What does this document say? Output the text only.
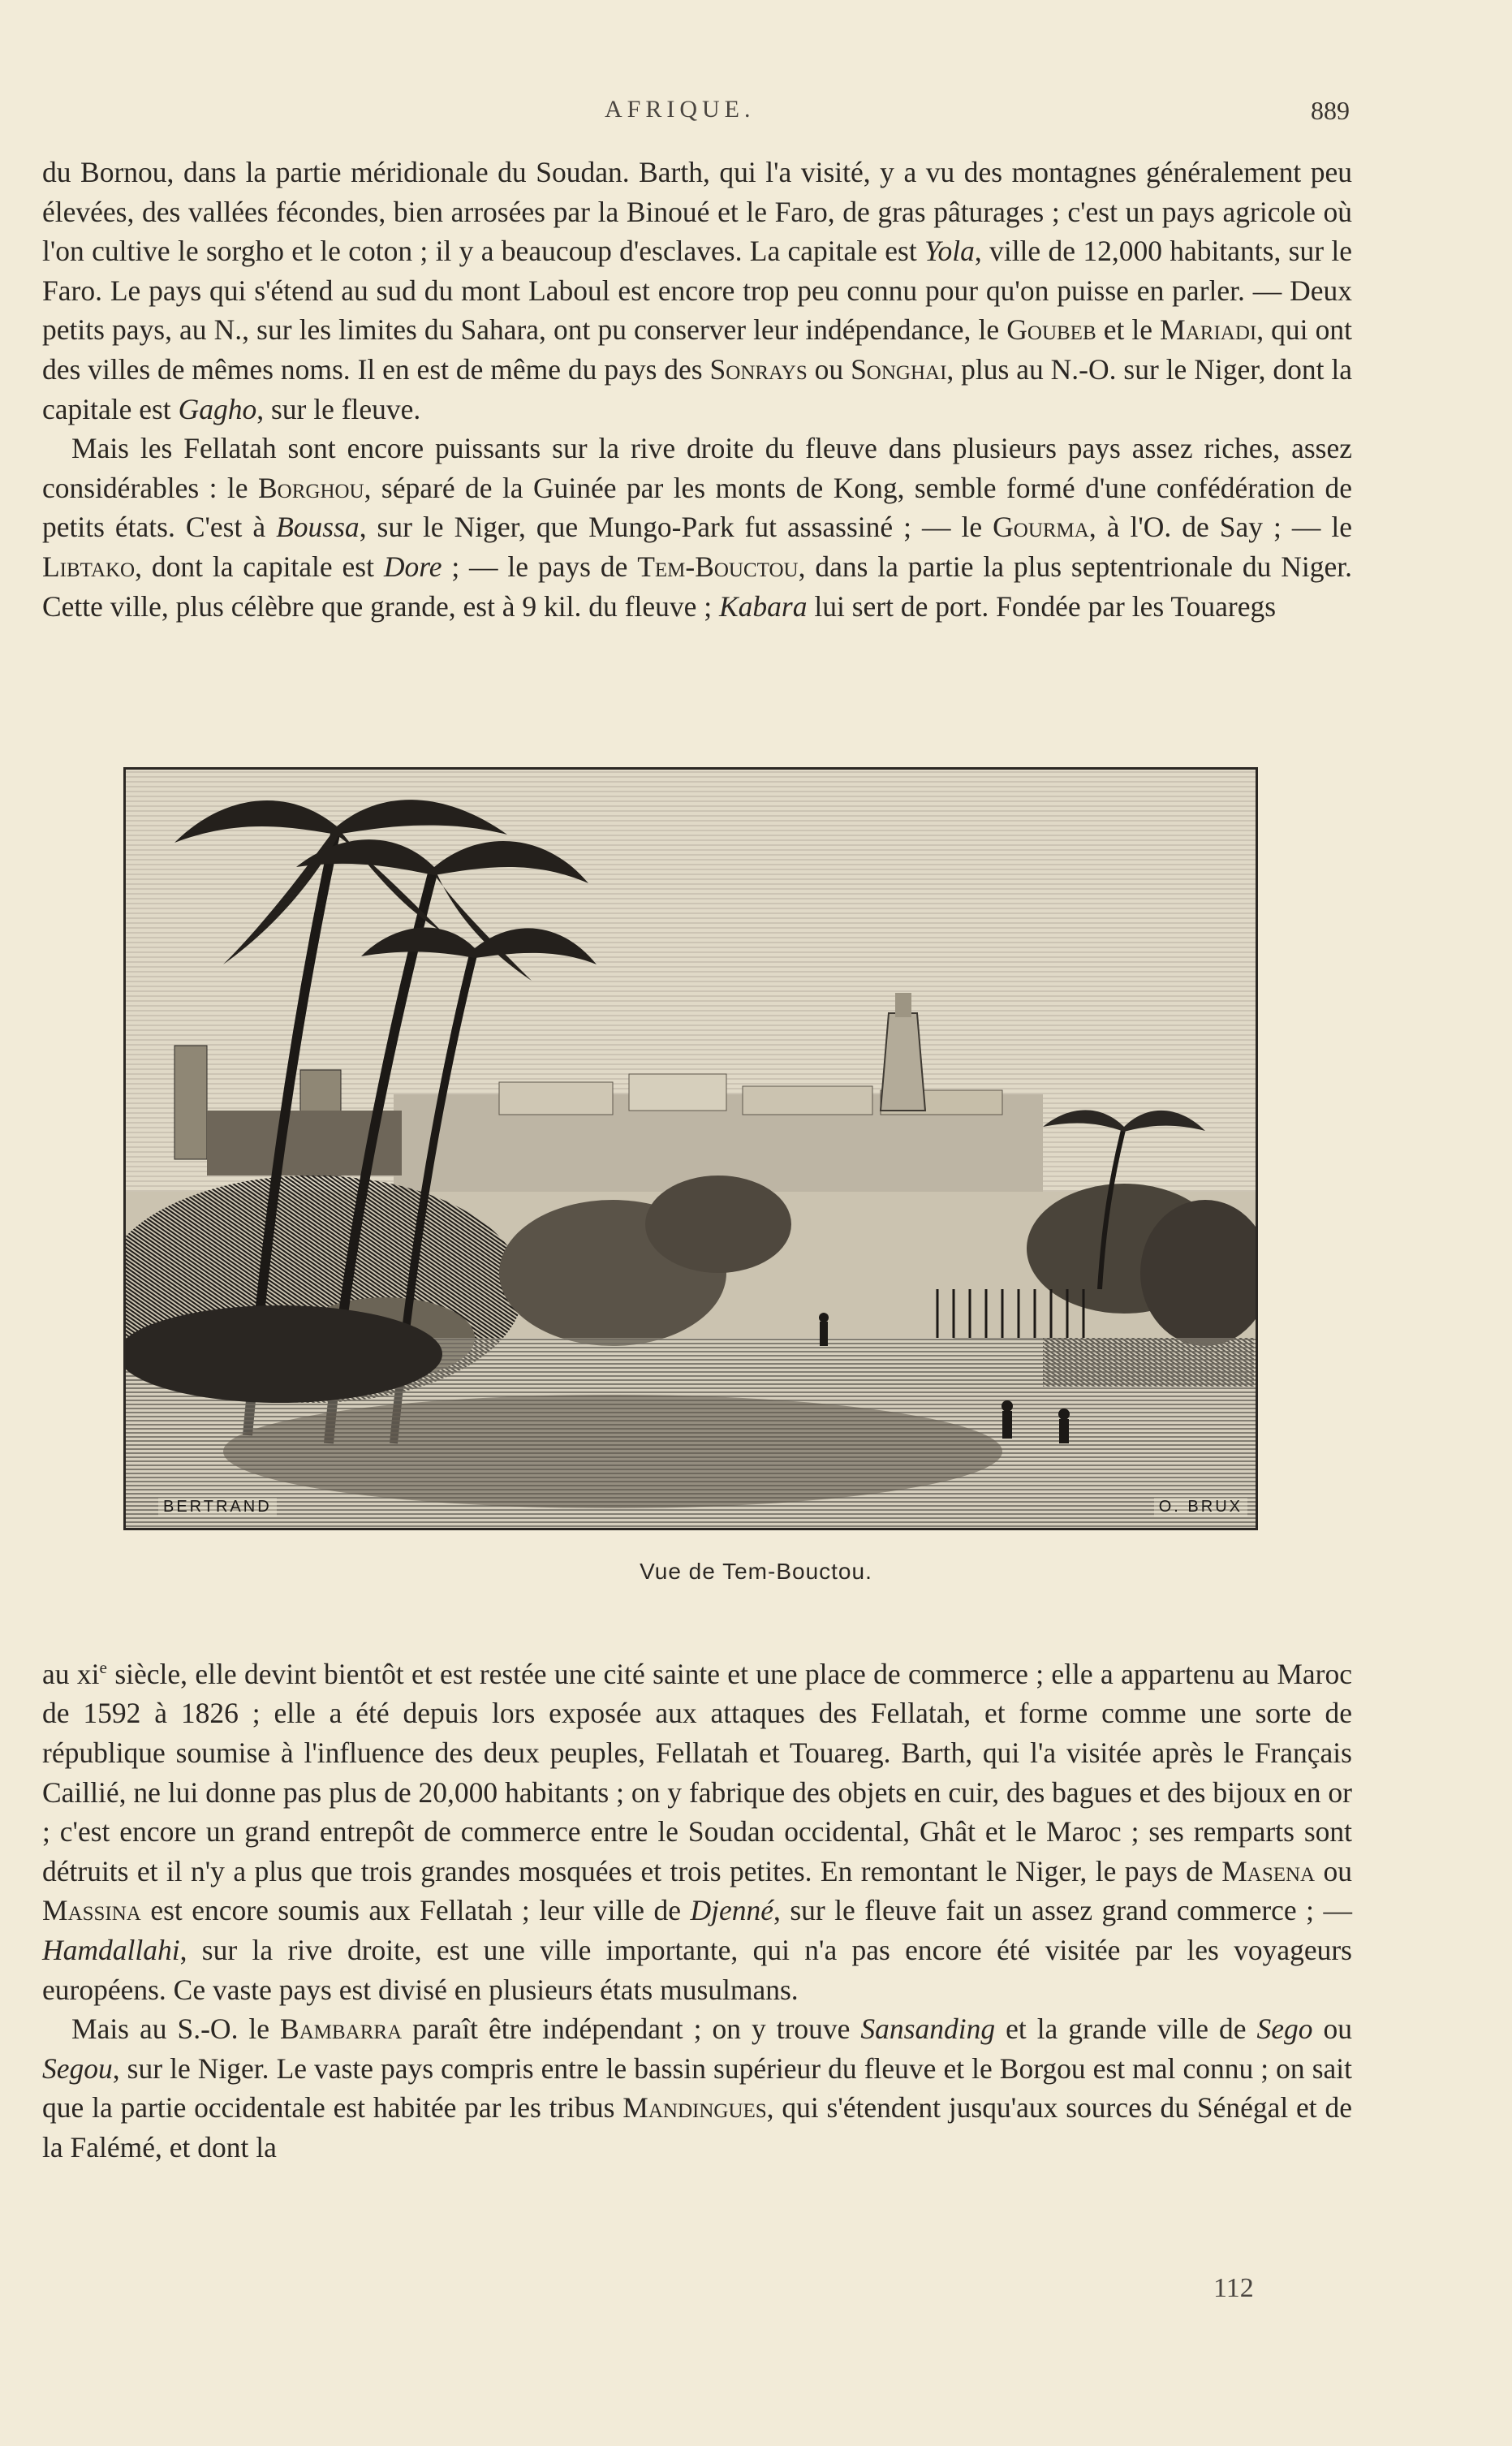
AFRIQUE.	889

du Bornou, dans la partie méridionale du Soudan. Barth, qui l'a visité, y a vu des montagnes généralement peu élevées, des vallées fécondes, bien arrosées par la Binoué et le Faro, de gras pâturages ; c'est un pays agricole où l'on cultive le sorgho et le coton ; il y a beaucoup d'esclaves. La capitale est Yola, ville de 12,000 habitants, sur le Faro. Le pays qui s'étend au sud du mont Laboul est encore trop peu connu pour qu'on puisse en parler. — Deux petits pays, au N., sur les limites du Sahara, ont pu conserver leur indépendance, le Goubeb et le Mariadi, qui ont des villes de mêmes noms. Il en est de même du pays des Sonrays ou Songhai, plus au N.-O. sur le Niger, dont la capitale est Gagho, sur le fleuve.

Mais les Fellatah sont encore puissants sur la rive droite du fleuve dans plusieurs pays assez riches, assez considérables : le Borghou, séparé de la Guinée par les monts de Kong, semble formé d'une confédération de petits états. C'est à Boussa, sur le Niger, que Mungo-Park fut assassiné ; — le Gourma, à l'O. de Say ; — le Libtako, dont la capitale est Dore ; — le pays de Tem-Bouctou, dans la partie la plus septentrionale du Niger. Cette ville, plus célèbre que grande, est à 9 kil. du fleuve ; Kabara lui sert de port. Fondée par les Touaregs

BERTRAND	O. BRUX
Vue de Tem-Bouctou.

au $xi^e$ siècle, elle devint bientôt et est restée une cité sainte et une place de commerce ; elle a appartenu au Maroc de 1592 à 1826 ; elle a été depuis lors exposée aux attaques des Fellatah, et forme comme une sorte de république soumise à l'influence des deux peuples, Fellatah et Touareg. Barth, qui l'a visitée après le Français Caillié, ne lui donne pas plus de 20,000 habitants ; on y fabrique des objets en cuir, des bagues et des bijoux en or ; c'est encore un grand entrepôt de commerce entre le Soudan occidental, Ghât et le Maroc ; ses remparts sont détruits et il n'y a plus que trois grandes mosquées et trois petites. En remontant le Niger, le pays de Masena ou Massina est encore soumis aux Fellatah ; leur ville de Djenné, sur le fleuve fait un assez grand commerce ; — Hamdallahi, sur la rive droite, est une ville importante, qui n'a pas encore été visitée par les voyageurs européens. Ce vaste pays est divisé en plusieurs états musulmans.

Mais au S.-O. le Bambarra paraît être indépendant ; on y trouve Sansanding et la grande ville de Sego ou Segou, sur le Niger. Le vaste pays compris entre le bassin supérieur du fleuve et le Borgou est mal connu ; on sait que la partie occidentale est habitée par les tribus Mandingues, qui s'étendent jusqu'aux sources du Sénégal et de la Falémé, et dont la

112
